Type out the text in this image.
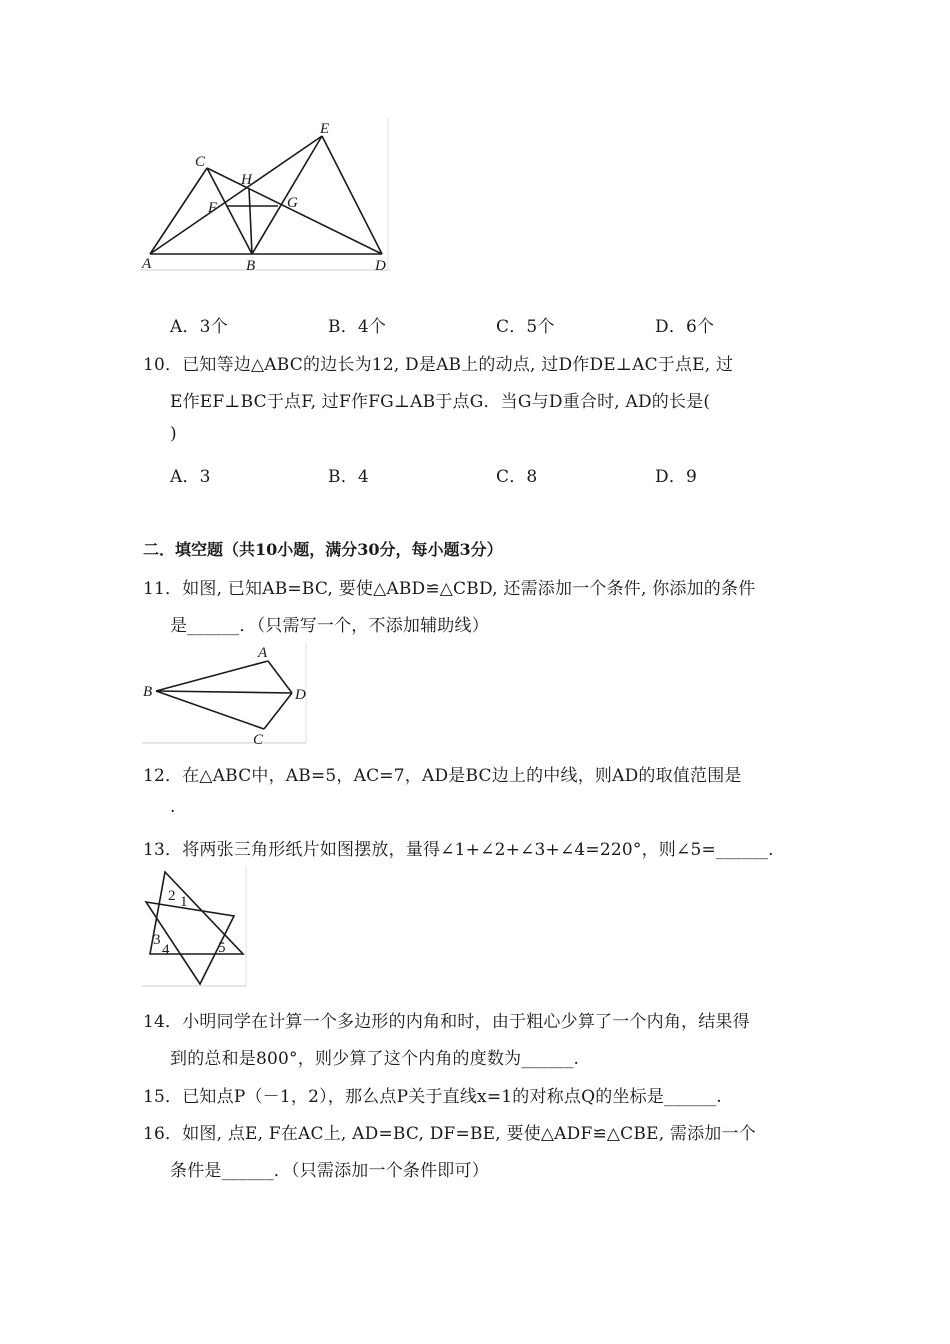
A	B
C
D
E
F	G
H
A．3个	B．4个	C．5个	D．6个
10．已知等边△ABC的边长为12, D是AB上的动点, 过D作DE⊥AC于点E, 过
E作EF⊥BC于点F, 过F作FG⊥AB于点G．当G与D重合时, AD的长是(
)
A．3	B．4	C．8	D．9
二．填空题（共10小题，满分30分，每小题3分）
11．如图, 已知AB=BC, 要使△ABD≌△CBD, 还需添加一个条件, 你添加的条件
是______．（只需写一个，不添加辅助线）
A
B
C
D
12．在△ABC中，AB=5，AC=7，AD是BC边上的中线，则AD的取值范围是
.
13．将两张三角形纸片如图摆放，量得∠1+∠2+∠3+∠4=220°，则∠5=______.
2 1
3
4	5
14．小明同学在计算一个多边形的内角和时，由于粗心少算了一个内角，结果得
到的总和是800°，则少算了这个内角的度数为______.
15．已知点P（－1，2），那么点P关于直线x=1的对称点Q的坐标是______.
16．如图, 点E, F在AC上, AD=BC, DF=BE, 要使△ADF≌△CBE, 需添加一个
条件是______．（只需添加一个条件即可）
